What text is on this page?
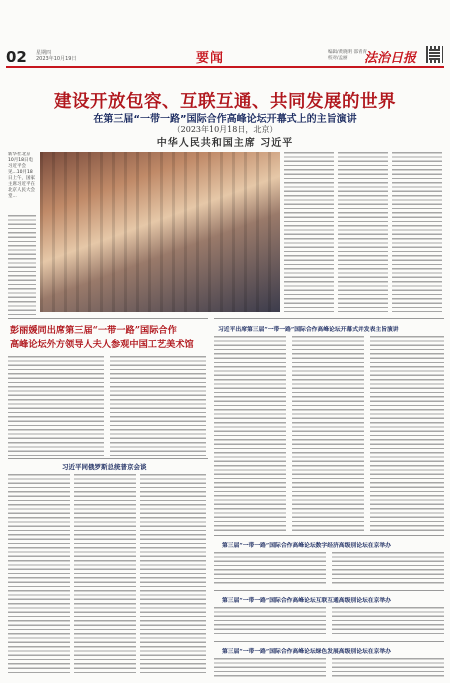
02 星期四
2023年10月19日	要闻	编辑/黄晓明 邵青青
校对/孟丽	法治日报
建设开放包容、互联互通、共同发展的世界
在第三届“一带一路”国际合作高峰论坛开幕式上的主旨演讲
（2023年10月18日，北京）
中华人民共和国主席 习近平
新华社北京10月18日电 习近平会见...10月18日上午，国家主席习近平在北京人民大会堂...
彭丽媛同出席第三届“一带一路”国际合作
高峰论坛外方领导人夫人参观中国工艺美术馆
习近平同俄罗斯总统普京会谈
习近平出席第三届“一带一路”国际合作高峰论坛开幕式并发表主旨演讲
第三届“一带一路”国际合作高峰论坛数字经济高级别论坛在京举办
第三届“一带一路”国际合作高峰论坛互联互通高级别论坛在京举办
第三届“一带一路”国际合作高峰论坛绿色发展高级别论坛在京举办
